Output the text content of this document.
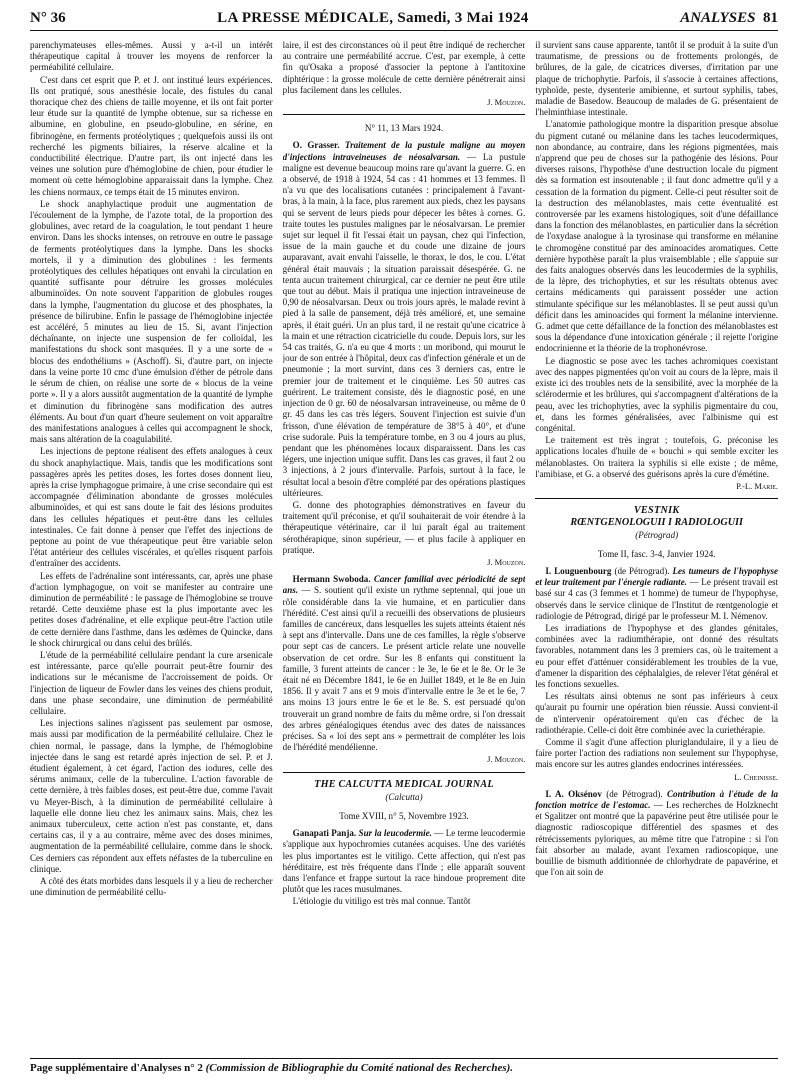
N° 36	LA PRESSE MÉDICALE, Samedi, 3 Mai 1924	ANALYSES 81

parenchymateuses elles-mêmes. Aussi y a-t-il un intérêt thérapeutique capital à trouver les moyens de renforcer la perméabilité cellulaire.

C'est dans cet esprit que P. et J. ont institué leurs expériences. Ils ont pratiqué, sous anesthésie locale, des fistules du canal thoracique chez des chiens de taille moyenne, et ils ont fait porter leur étude sur la quantité de lymphe obtenue, sur sa richesse en albumine, en globuline, en pseudo-globuline, en sérine, en fibrinogène, en ferments protéolytiques ; quelquefois aussi ils ont recherché les pigments biliaires, la réserve alcaline et la conductibilité électrique. D'autre part, ils ont injecté dans les veines une solution pure d'hémoglobine de chien, pour étudier le moment où cette hémoglobine apparaissait dans la lymphe. Chez les chiens normaux, ce temps était de 15 minutes environ.

Le shock anaphylactique produit une augmentation de l'écoulement de la lymphe, de l'azote total, de la proportion des globulines, avec retard de la coagulation, le tout pendant 1 heure environ. Dans les shocks intenses, on retrouve en outre le passage de ferments protéolytiques dans la lymphe. Dans les shocks mortels, il y a diminution des globulines : les ferments protéolytiques des cellules hépatiques ont envahi la circulation en quantité suffisante pour détruire les grosses molécules albuminoïdes. On note souvent l'apparition de globules rouges dans la lymphe, l'augmentation du glucose et des phosphates, la présence de bilirubine. Enfin le passage de l'hémoglobine injectée est accéléré, 5 minutes au lieu de 15. Si, avant l'injection déchaînante, on injecte une suspension de fer colloïdal, les manifestations du shock sont masquées. Il y a une sorte de « blocus des endothéliums » (Aschoff). Si, d'autre part, on injecte dans la veine porte 10 cmc d'une émulsion d'éther de pétrole dans le sérum de chien, on réalise une sorte de « blocus de la veine porte ». Il y a alors aussitôt augmentation de la quantité de lymphe et diminution du fibrinogène sans modification des autres éléments. Au bout d'un quart d'heure seulement on voit apparaître des manifestations analogues à celles qui accompagnent le shock, mais sans altération de la coagulabilité.

Les injections de peptone réalisent des effets analogues à ceux du shock anaphylactique. Mais, tandis que les modifications sont passagères après les petites doses, les fortes doses donnent lieu, après la crise lymphagogue primaire, à une crise secondaire qui est accompagnée d'élimination abondante de grosses molécules albuminoïdes, et qui est sans doute le fait des lésions produites dans les cellules hépatiques et peut-être dans les cellules intestinales. Ce fait donne à penser que l'effet des injections de peptone au point de vue thérapeutique peut être variable selon l'état antérieur des cellules viscérales, et qu'elles risquent parfois d'entraîner des accidents.

Les effets de l'adrénaline sont intéressants, car, après une phase d'action lymphagogue, on voit se manifester au contraire une diminution de perméabilité : le passage de l'hémoglobine se trouve retardé. Cette deuxième phase est la plus importante avec les petites doses d'adrénaline, et elle explique peut-être l'action utile de cette dernière dans l'asthme, dans les œdèmes de Quincke, dans le shock chirurgical ou dans celui des brûlés.

L'étude de la perméabilité cellulaire pendant la cure arsenicale est intéressante, parce qu'elle pourrait peut-être fournir des indications sur le mécanisme de l'accroissement de poids. Or l'injection de liqueur de Fowler dans les veines des chiens produit, dans une phase secondaire, une diminution de perméabilité cellulaire.

Les injections salines n'agissent pas seulement par osmose, mais aussi par modification de la perméabilité cellulaire. Chez le chien normal, le passage, dans la lymphe, de l'hémoglobine injectée dans le sang est retardé après injection de sel. P. et J. étudient également, à cet égard, l'action des iodures, celle des sérums animaux, celle de la tuberculine. L'action favorable de cette dernière, à très faibles doses, est peut-être due, comme l'avait vu Meyer-Bisch, à la diminution de perméabilité cellulaire à laquelle elle donne lieu chez les animaux sains. Mais, chez les animaux tuberculeux, cette action n'est pas constante, et, dans certains cas, il y a au contraire, même avec des doses minimes, augmentation de la perméabilité cellulaire, comme dans le shock. Ces derniers cas répondent aux effets néfastes de la tuberculine en clinique.

A côté des états morbides dans lesquels il y a lieu de rechercher une diminution de perméabilité cellu-

laire, il est des circonstances où il peut être indiqué de rechercher au contraire une perméabilité accrue. C'est, par exemple, à cette fin qu'Osaka a proposé d'associer la peptone à l'antitoxine diphtérique : la grosse molécule de cette dernière pénétrerait ainsi plus facilement dans les cellules.

J. Mouzon.
N° 11, 13 Mars 1924.

O. Grasser. Traitement de la pustule maligne au moyen d'injections intraveineuses de néosalvarsan. — La pustule maligne est devenue beaucoup moins rare qu'avant la guerre. G. en a observé, de 1918 à 1924, 54 cas : 41 hommes et 13 femmes. Il n'a vu que des localisations cutanées : principalement à l'avant-bras, à la main, à la face, plus rarement aux pieds, chez les paysans qui se servent de leurs pieds pour dépecer les bêtes à cornes. G. traite toutes les pustules malignes par le néosalvarsan. Le premier sujet sur lequel il fit l'essai était un paysan, chez qui l'infection, issue de la main gauche et du coude une dizaine de jours auparavant, avait envahi l'aisselle, le thorax, le dos, le cou. L'état général était mauvais ; la situation paraissait désespérée. G. ne tenta aucun traitement chirurgical, car ce dernier ne peut être utile que tout au début. Mais il pratiqua une injection intraveineuse de 0,90 de néosalvarsan. Deux ou trois jours après, le malade revint à pied à la salle de pansement, déjà très amélioré, et, une semaine après, il était guéri. Un an plus tard, il ne restait qu'une cicatrice à la main et une rétraction cicatricielle du coude. Depuis lors, sur les 54 cas traités, G. n'a eu que 4 morts : un moribond, qui mourut le jour de son entrée à l'hôpital, deux cas d'infection générale et un de pneumonie ; la mort survint, dans ces 3 derniers cas, entre le premier jour de traitement et le cinquième. Les 50 autres cas guérirent. Le traitement consiste, dès le diagnostic posé, en une injection de 0 gr. 60 de néosalvarsan intraveineuse, ou même de 0 gr. 45 dans les cas très légers. Souvent l'injection est suivie d'un frisson, d'une élévation de température de 38°5 à 40°, et d'une crise sudorale. Puis la température tombe, en 3 ou 4 jours au plus, pendant que les phénomènes locaux disparaissent. Dans les cas légers, une injection unique suffit. Dans les cas graves, il faut 2 ou 3 injections, à 2 jours d'intervalle. Parfois, surtout à la face, le résultat local a besoin d'être complété par des opérations plastiques ultérieures.

G. donne des photographies démonstratives en faveur du traitement qu'il préconise, et qu'il souhaiterait de voir étendre à la thérapeutique vétérinaire, car il lui paraît égal au traitement sérothérapique, sinon supérieur, — et plus facile à appliquer en pratique.

J. Mouzon.

Hermann Swoboda. Cancer familial avec périodicité de sept ans. — S. soutient qu'il existe un rythme septennal, qui joue un rôle considérable dans la vie humaine, et en particulier dans l'hérédité. C'est ainsi qu'il a recueilli des observations de plusieurs familles de cancéreux, dans lesquelles les sujets atteints étaient nés à sept ans d'intervalle. Dans une de ces familles, la règle s'observe pour sept cas de cancers. Le présent article relate une nouvelle observation de cet ordre. Sur les 8 enfants qui constituent la famille, 3 furent atteints de cancer : le 3e, le 6e et le 8e. Or le 3e était né en Décembre 1841, le 6e en Juillet 1849, et le 8e en Juin 1856. Il y avait 7 ans et 9 mois d'intervalle entre le 3e et le 6e, 7 ans moins 13 jours entre le 6e et le 8e. S. est persuadé qu'on trouverait un grand nombre de faits du même ordre, si l'on dressait des arbres généalogiques étendus avec des dates de naissances précises. Sa « loi des sept ans » permettrait de compléter les lois de l'hérédité mendélienne.

J. Mouzon.
THE CALCUTTA MEDICAL JOURNAL
(Calcutta)
Tome XVIII, n° 5, Novembre 1923.

Ganapati Panja. Sur la leucodermie. — Le terme leucodermie s'applique aux hypochromies cutanées acquises. Une des variétés les plus importantes est le vitiligo. Cette affection, qui n'est pas héréditaire, est très fréquente dans l'Inde ; elle apparaît souvent dans l'enfance et frappe surtout la race hindoue proprement dite plutôt que les races musulmanes.

L'étiologie du vitiligo est très mal connue. Tantôt

il survient sans cause apparente, tantôt il se produit à la suite d'un traumatisme, de pressions ou de frottements prolongés, de brûlures, de la gale, de cicatrices diverses, d'irritation par une plaque de trichophytie. Parfois, il s'associe à certaines affections, typhoïde, peste, dysenterie amibienne, et surtout syphilis, tabes, maladie de Basedow. Beaucoup de malades de G. présentaient de l'helminthiase intestinale.

L'anatomie pathologique montre la disparition presque absolue du pigment cutané ou mélanine dans les taches leucodermiques, non abondance, au contraire, dans les régions pigmentées, mais n'apprend que peu de choses sur la pathogénie des lésions. Pour diverses raisons, l'hypothèse d'une destruction locale du pigment dès sa formation est insoutenable ; il faut donc admettre qu'il y a cessation de la formation du pigment. Celle-ci peut résulter soit de la destruction des mélanoblastes, mais cette éventualité est controversée par les examens histologiques, soit d'une défaillance dans la fonction des mélanoblastes, en particulier dans la sécrétion de l'oxydase analogue à la tyrosinase qui transforme en mélanine le chromogène constitué par des aminoacides aromatiques. Cette dernière hypothèse paraît la plus vraisemblable ; elle s'appuie sur des faits analogues observés dans les leucodermies de la syphilis, de la lèpre, des trichophyties, et sur les résultats obtenus avec certains médicaments qui paraissent posséder une action stimulante spécifique sur les mélanoblastes. Il se peut aussi qu'un déficit dans les aminoacides qui forment la mélanine intervienne. G. admet que cette défaillance de la fonction des mélanoblastes est sous la dépendance d'une intoxication générale ; il rejette l'origine endocrinienne et la théorie de la trophonévrose.

Le diagnostic se pose avec les taches achromiques coexistant avec des nappes pigmentées qu'on voit au cours de la lèpre, mais il existe ici des troubles nets de la sensibilité, avec la morphée de la sclérodermie et les brûlures, qui s'accompagnent d'altérations de la peau, avec les trichophyties, avec la syphilis pigmentaire du cou, et, dans les formes généralisées, avec l'albinisme qui est congénital.

Le traitement est très ingrat ; toutefois, G. préconise les applications locales d'huile de « bouchi » qui semble exciter les mélanoblastes. On traitera la syphilis si elle existe ; de même, l'amibiase, et G. a observé des guérisons après la cure d'émétine.

P.-L. Marie.
VESTNIK
RŒNTGENOLOGUII I RADIOLOGUII
(Pétrograd)
Tome II, fasc. 3-4, Janvier 1924.

I. Louguenbourg (de Pétrograd). Les tumeurs de l'hypophyse et leur traitement par l'énergie radiante. — Le présent travail est basé sur 4 cas (3 femmes et 1 homme) de tumeur de l'hypophyse, observés dans le service clinique de l'Institut de rœntgenologie et radiologie de Pétrograd, dirigé par le professeur M. I. Némenov.

Les irradiations de l'hypophyse et des glandes génitales, combinées avec la radiumthérapie, ont donné des résultats favorables, notamment dans les 3 premiers cas, où le traitement a eu pour effet d'atténuer considérablement les troubles de la vue, d'amener la disparition des céphalalgies, de relever l'état général et les fonctions sexuelles.

Les résultats ainsi obtenus ne sont pas inférieurs à ceux qu'aurait pu fournir une opération bien réussie. Aussi convient-il de n'intervenir opératoirement qu'en cas d'échec de la radiothérapie. Celle-ci doit être combinée avec la curiethérapie.

Comme il s'agit d'une affection pluriglandulaire, il y a lieu de faire porter l'action des radiations non seulement sur l'hypophyse, mais encore sur les autres glandes endocrines intéressées.

L. Cheinisse.

I. A. Okséno​v (de Pétrograd). Contribution à l'étude de la fonction motrice de l'estomac. — Les recherches de Holzknecht et Sgalitzer ont montré que la papavérine peut être utilisée pour le diagnostic radioscopique différentiel des spasmes et des rétrécissements pyloriques, au même titre que l'atropine : si l'on fait absorber au malade, avant l'examen radioscopique, une bouillie de bismuth additionnée de chlorhydrate de papavérine, et que l'on ait soin de

Page supplémentaire d'Analyses n° 2 (Commission de Bibliographie du Comité national des Recherches).
